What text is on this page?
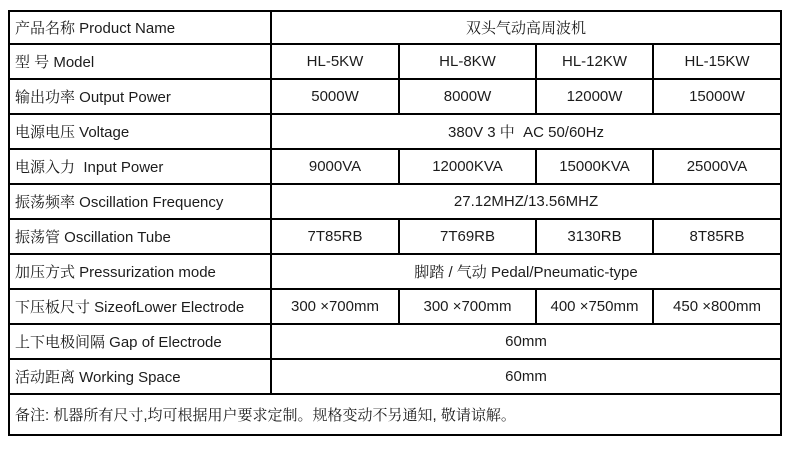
产品名称 Product Name	双头气动高周波机			
型 号 Model	HL-5KW	HL-8KW	HL-12KW	HL-15KW
输出功率 Output Power	5000W	8000W	12000W	15000W
电源电压 Voltage	380V 3 中  AC 50/60Hz			
电源入力  Input Power	9000VA	12000KVA	15000KVA	25000VA
振荡频率 Oscillation Frequency	27.12MHZ/13.56MHZ			
振荡管 Oscillation Tube	7T85RB	7T69RB	3130RB	8T85RB
加压方式 Pressurization mode	脚踏 / 气动 Pedal/Pneumatic-type			
下压板尺寸 SizeofLower Electrode	300 ×700mm	300 ×700mm	400 ×750mm	450 ×800mm
上下电极间隔 Gap of Electrode	60mm			
活动距离 Working Space	60mm			
备注: 机器所有尺寸,均可根据用户要求定制。规格变动不另通知, 敬请谅解。				
